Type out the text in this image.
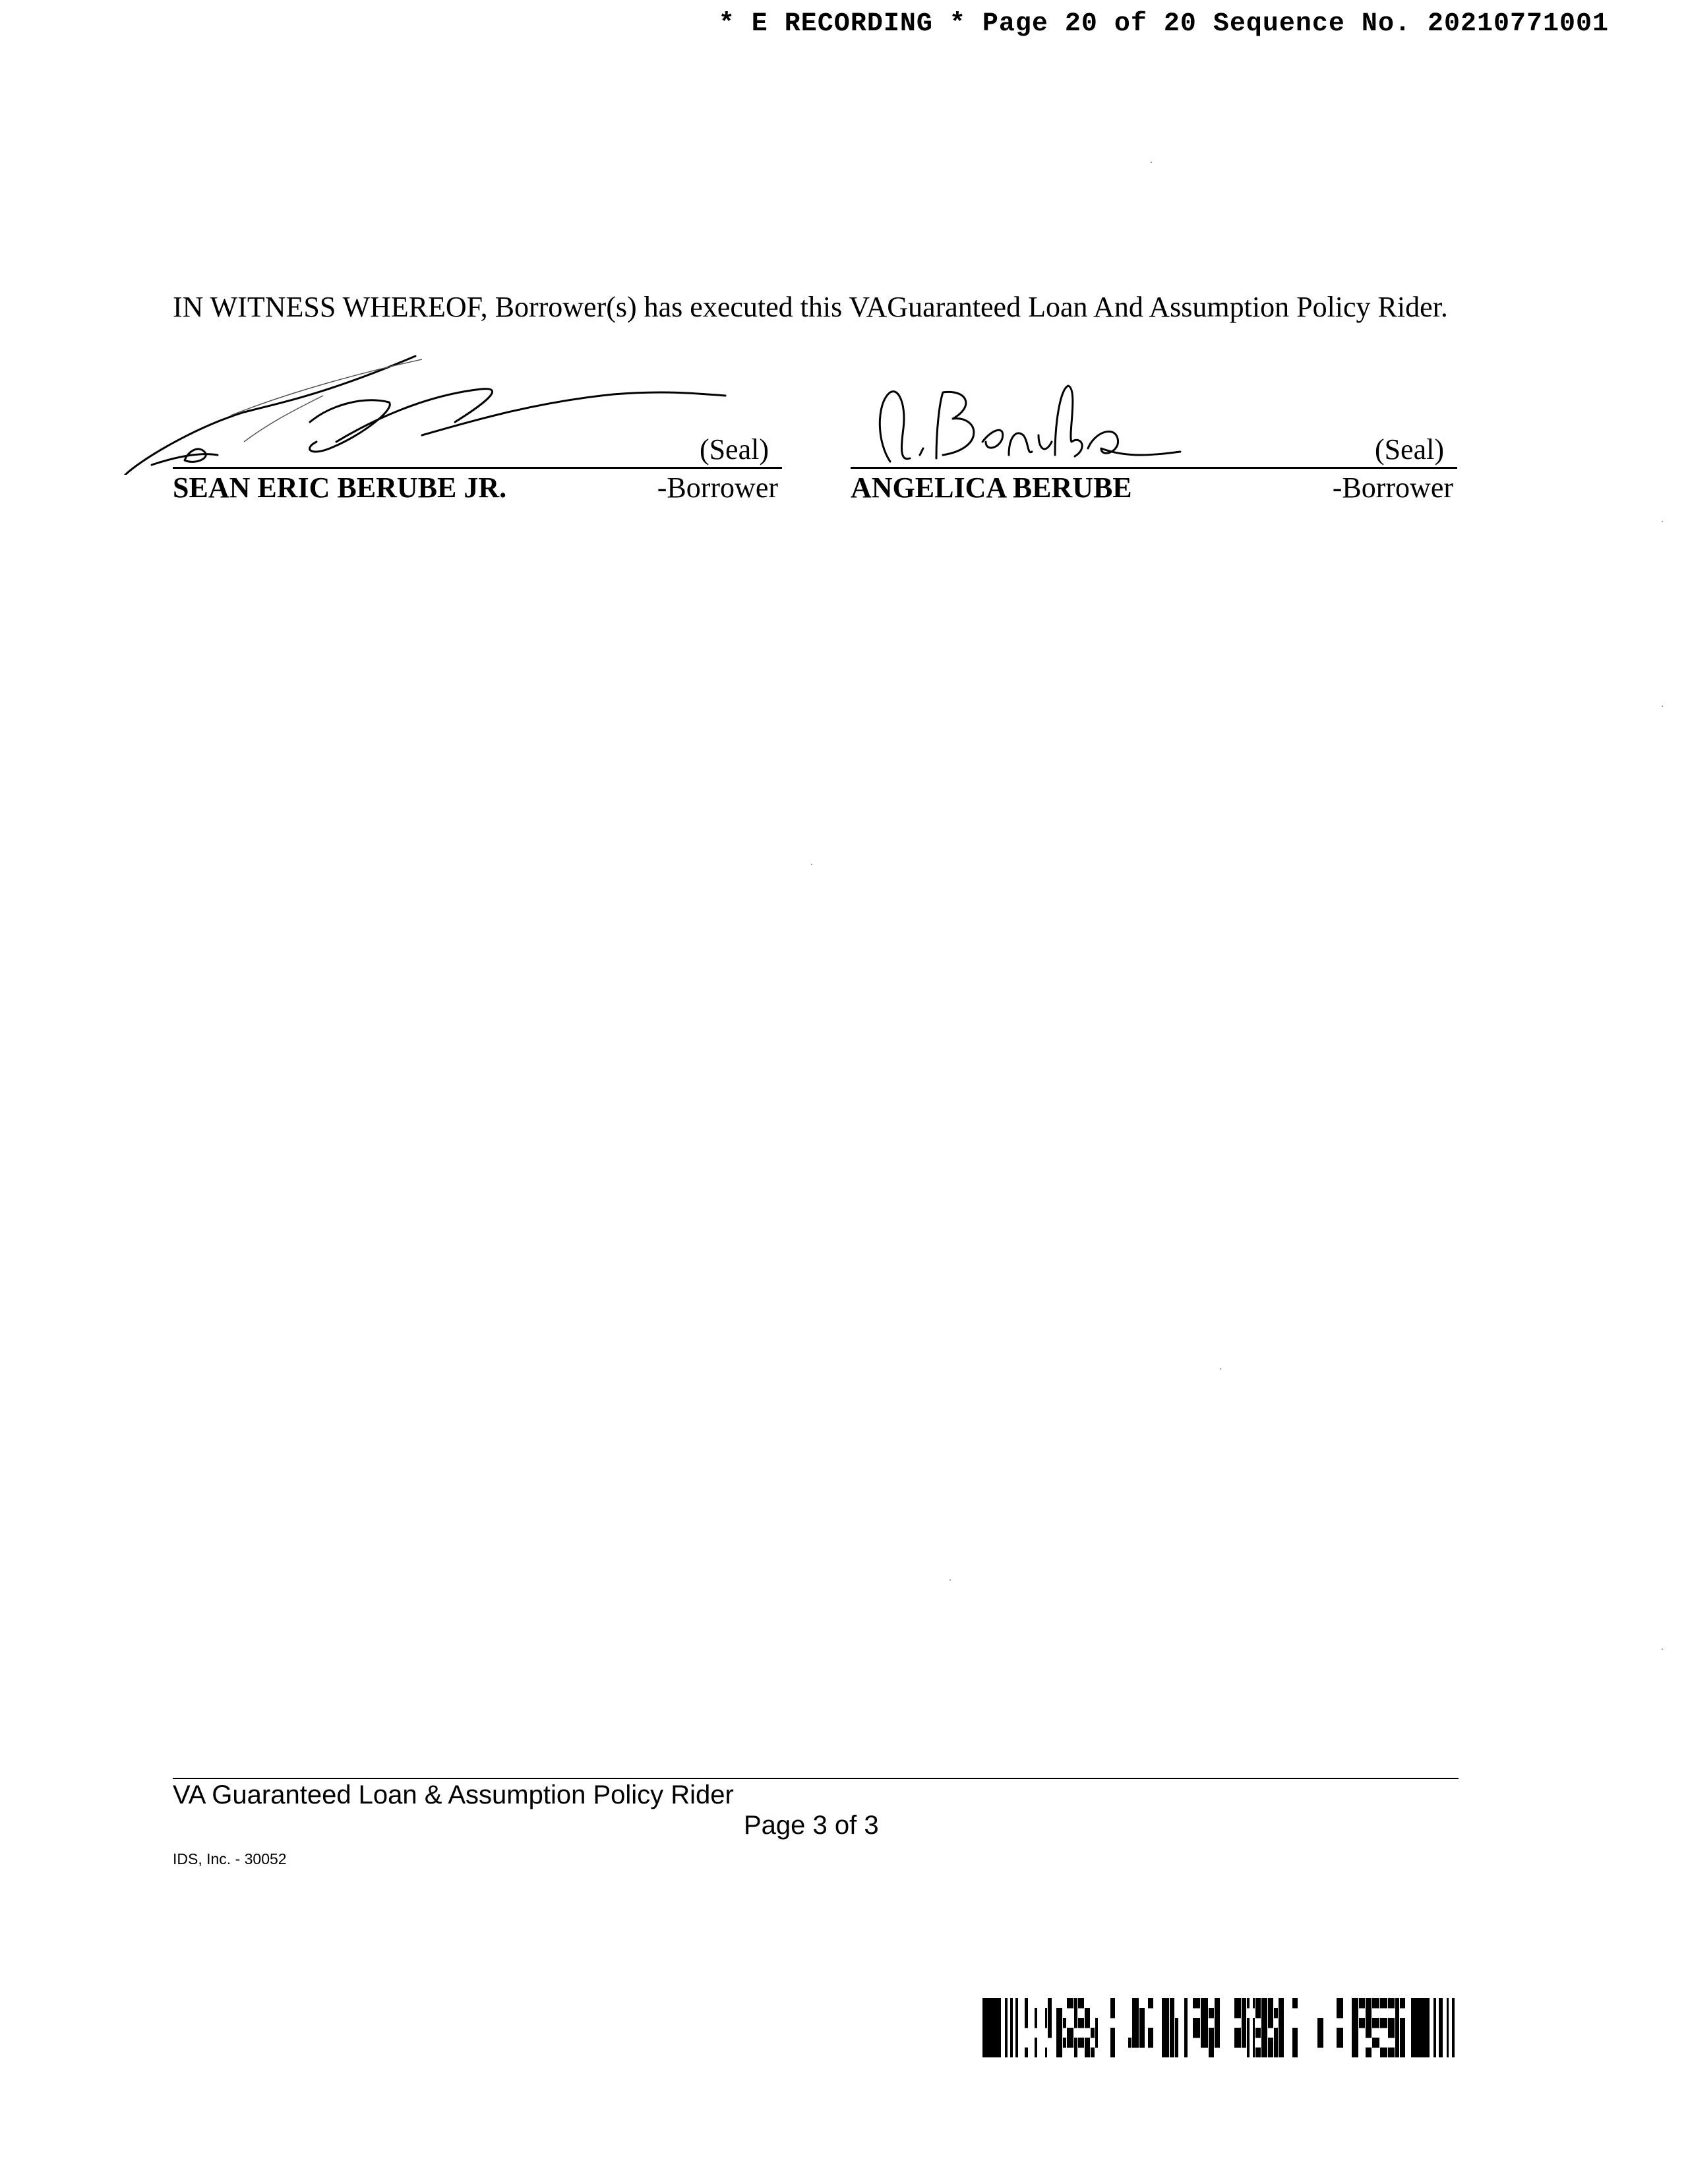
* E RECORDING * Page 20 of 20 Sequence No. 20210771001
IN WITNESS WHEREOF, Borrower(s) has executed this VAGuaranteed Loan And Assumption Policy Rider.
(Seal)
SEAN ERIC BERUBE JR.	-Borrower
(Seal)
ANGELICA BERUBE	-Borrower
VA Guaranteed Loan & Assumption Policy Rider
Page 3 of 3
IDS, Inc. - 30052
